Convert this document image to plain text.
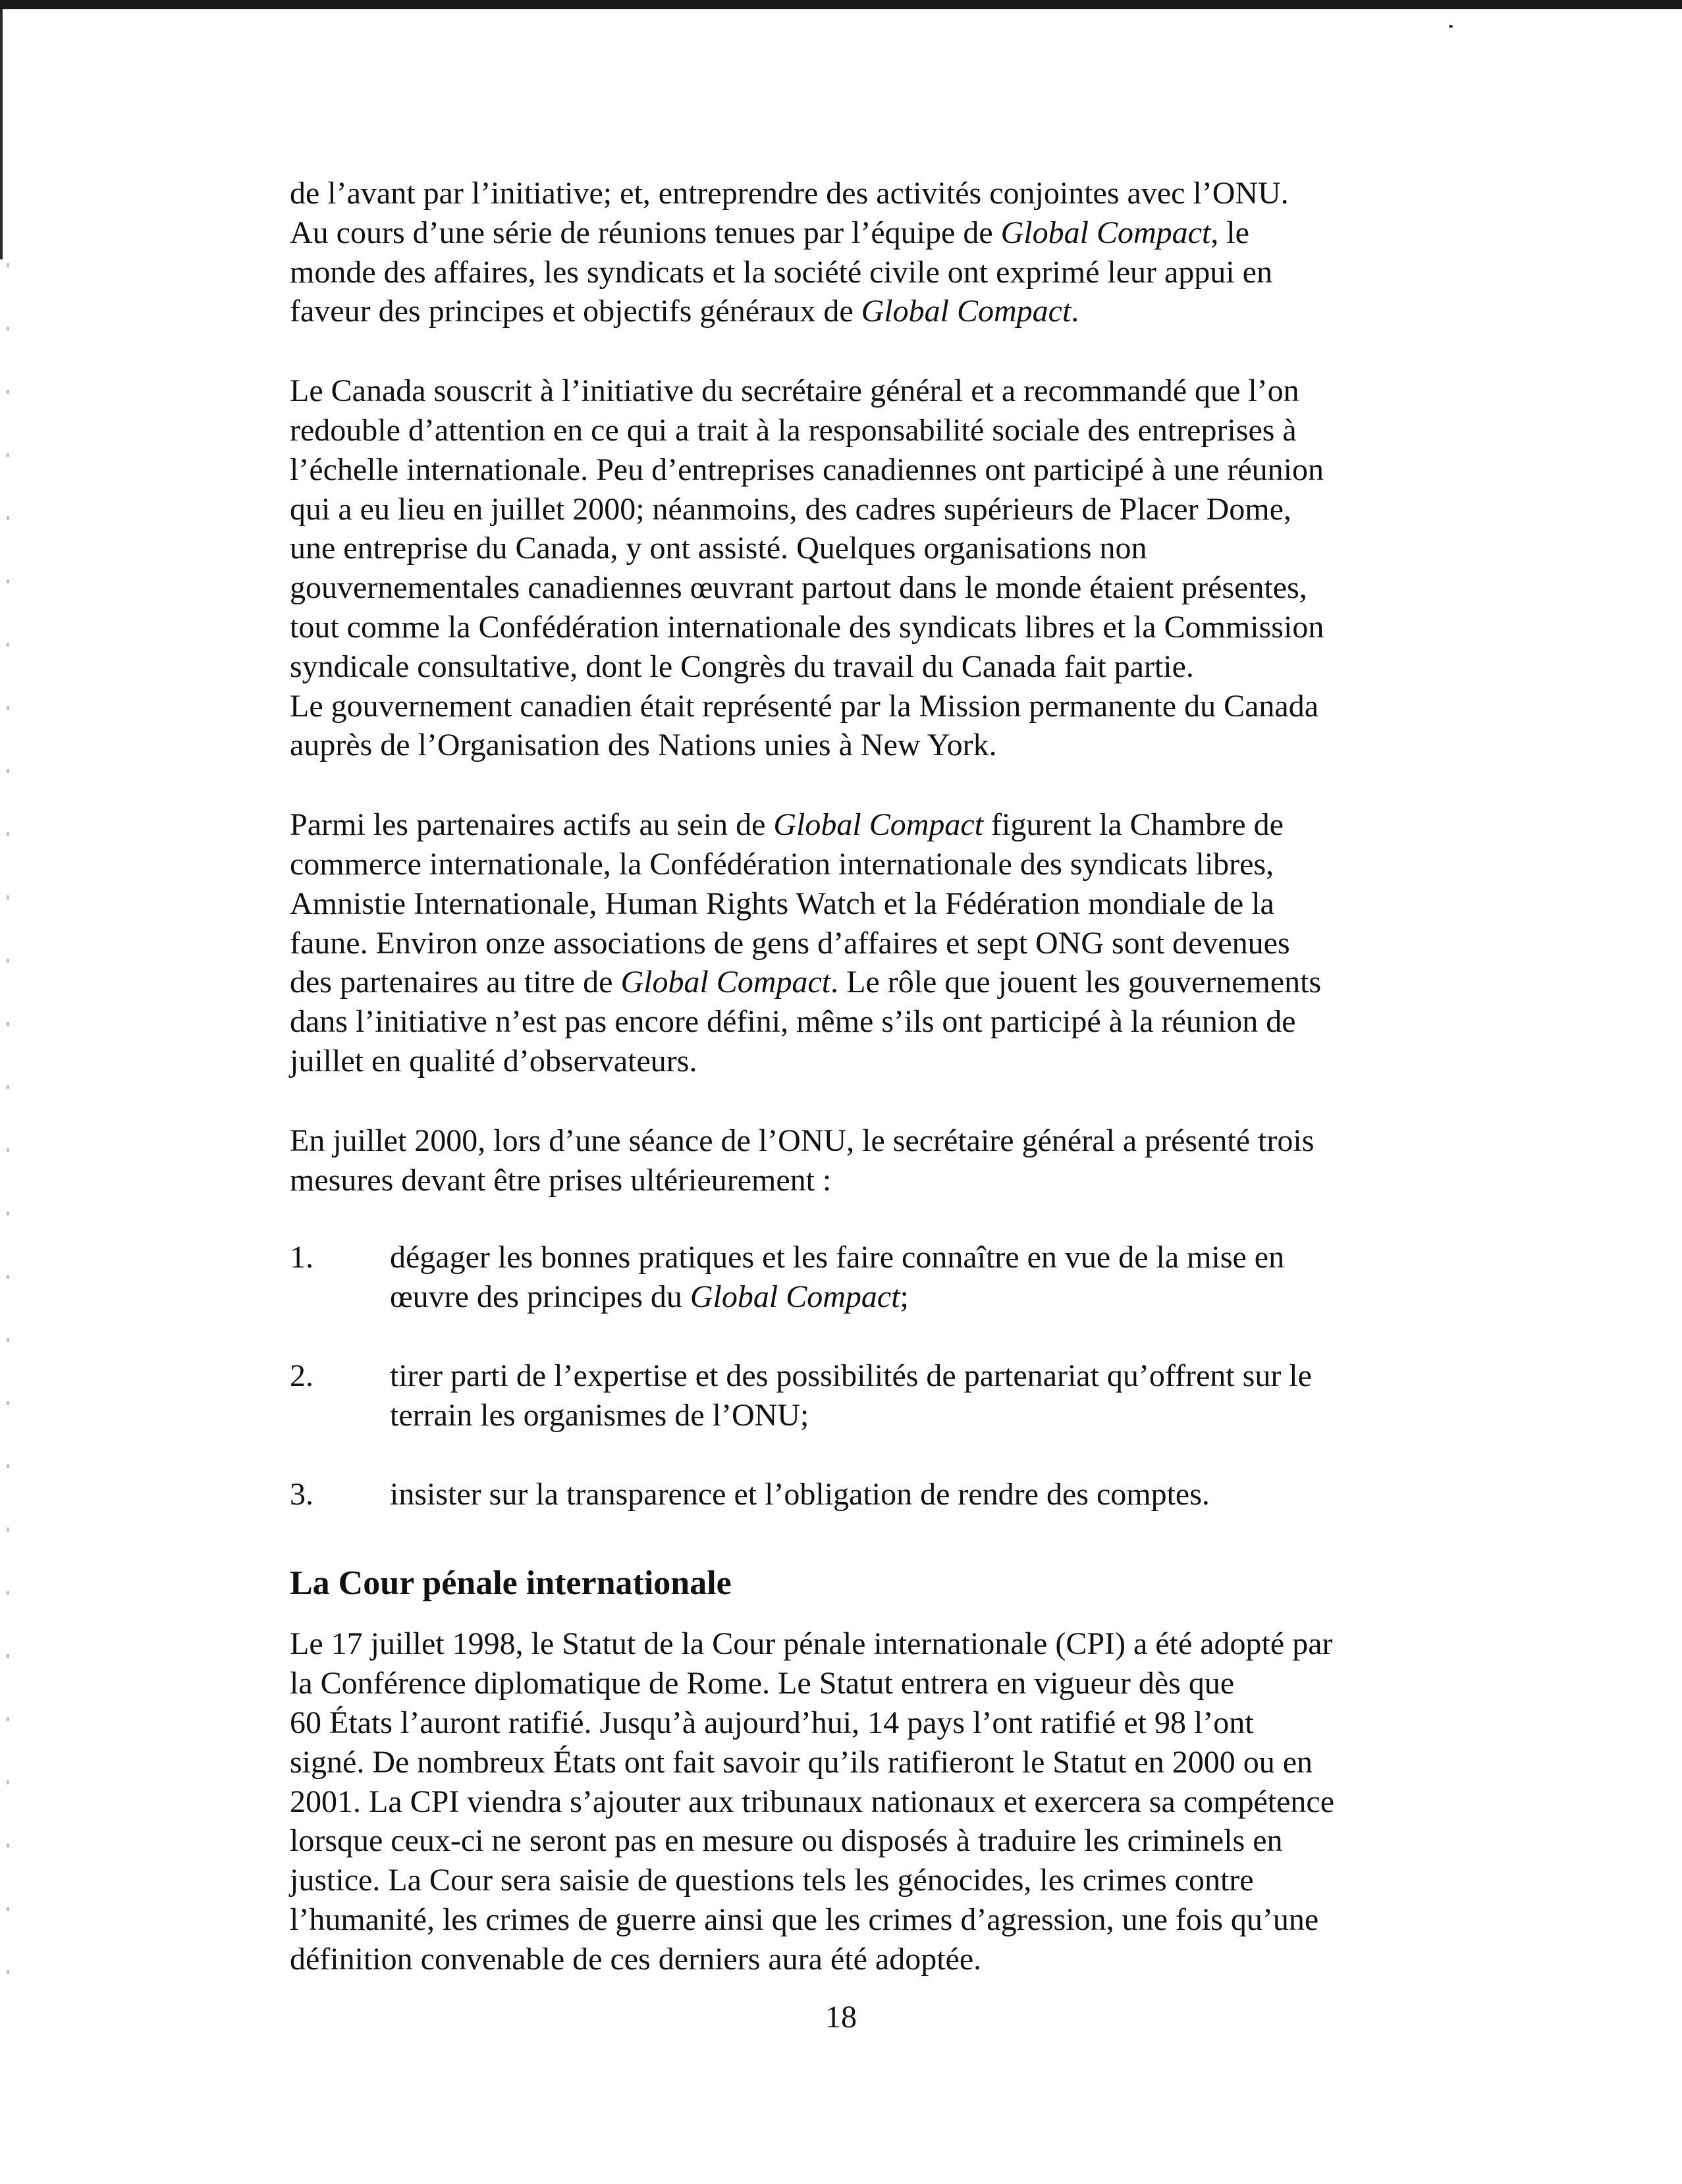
de l’avant par l’initiative; et, entreprendre des activités conjointes avec l’ONU.
Au cours d’une série de réunions tenues par l’équipe de Global Compact, le
monde des affaires, les syndicats et la société civile ont exprimé leur appui en
faveur des principes et objectifs généraux de Global Compact.

Le Canada souscrit à l’initiative du secrétaire général et a recommandé que l’on
redouble d’attention en ce qui a trait à la responsabilité sociale des entreprises à
l’échelle internationale. Peu d’entreprises canadiennes ont participé à une réunion
qui a eu lieu en juillet 2000; néanmoins, des cadres supérieurs de Placer Dome,
une entreprise du Canada, y ont assisté. Quelques organisations non
gouvernementales canadiennes œuvrant partout dans le monde étaient présentes,
tout comme la Confédération internationale des syndicats libres et la Commission
syndicale consultative, dont le Congrès du travail du Canada fait partie.
Le gouvernement canadien était représenté par la Mission permanente du Canada
auprès de l’Organisation des Nations unies à New York.

Parmi les partenaires actifs au sein de Global Compact figurent la Chambre de
commerce internationale, la Confédération internationale des syndicats libres,
Amnistie Internationale, Human Rights Watch et la Fédération mondiale de la
faune. Environ onze associations de gens d’affaires et sept ONG sont devenues
des partenaires au titre de Global Compact. Le rôle que jouent les gouvernements
dans l’initiative n’est pas encore défini, même s’ils ont participé à la réunion de
juillet en qualité d’observateurs.

En juillet 2000, lors d’une séance de l’ONU, le secrétaire général a présenté trois
mesures devant être prises ultérieurement :

1.	dégager les bonnes pratiques et les faire connaître en vue de la mise en
œuvre des principes du Global Compact;
2.	tirer parti de l’expertise et des possibilités de partenariat qu’offrent sur le
terrain les organismes de l’ONU;
3.	insister sur la transparence et l’obligation de rendre des comptes.
La Cour pénale internationale

Le 17 juillet 1998, le Statut de la Cour pénale internationale (CPI) a été adopté par
la Conférence diplomatique de Rome. Le Statut entrera en vigueur dès que
60 États l’auront ratifié. Jusqu’à aujourd’hui, 14 pays l’ont ratifié et 98 l’ont
signé. De nombreux États ont fait savoir qu’ils ratifieront le Statut en 2000 ou en
2001. La CPI viendra s’ajouter aux tribunaux nationaux et exercera sa compétence
lorsque ceux-ci ne seront pas en mesure ou disposés à traduire les criminels en
justice. La Cour sera saisie de questions tels les génocides, les crimes contre
l’humanité, les crimes de guerre ainsi que les crimes d’agression, une fois qu’une
définition convenable de ces derniers aura été adoptée.

18
